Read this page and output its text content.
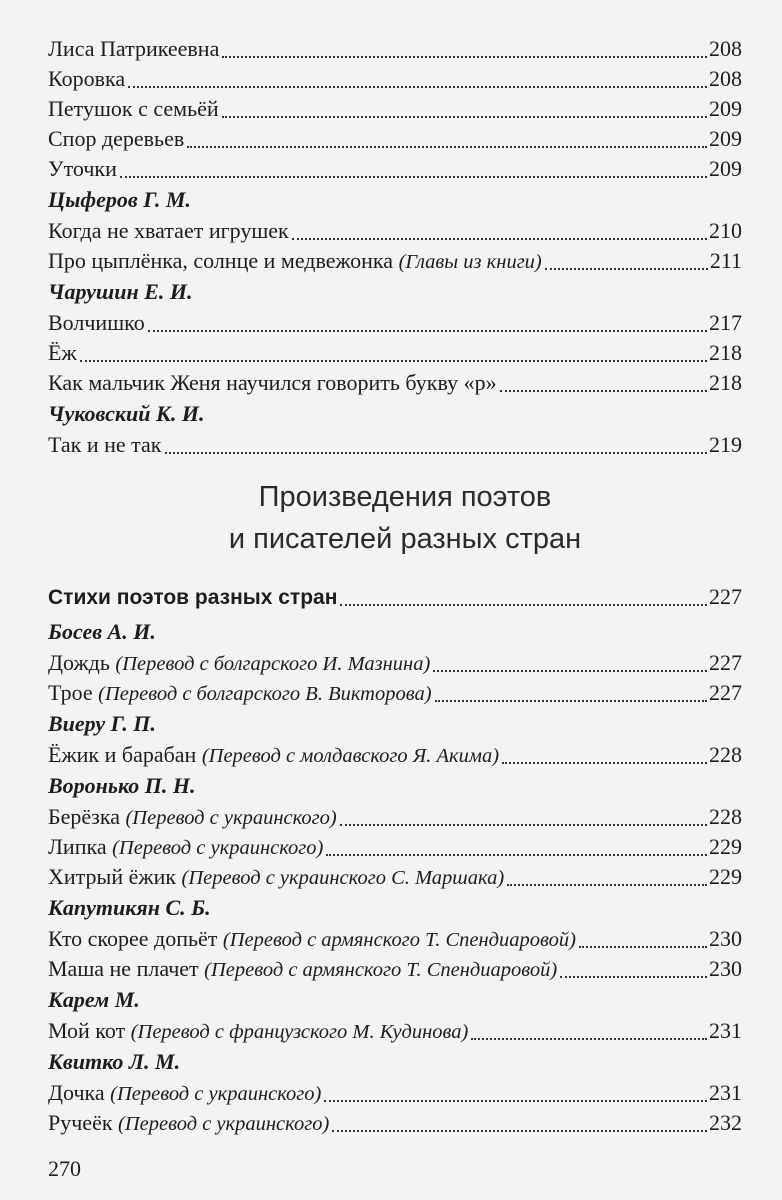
Лиса Патрикеевна	208
Коровка	208
Петушок с семьёй	209
Спор деревьев	209
Уточки	209
Цыферов Г. М.
Когда не хватает игрушек	210
Про цыплёнка, солнце и медвежонка (Главы из книги)	211
Чарушин Е. И.
Волчишко	217
Ёж	218
Как мальчик Женя научился говорить букву «р»	218
Чуковский К. И.
Так и не так	219
Произведения поэтов
и писателей разных стран
Стихи поэтов разных стран	227
Босев А. И.
Дождь (Перевод с болгарского И. Мазнина)	227
Трое (Перевод с болгарского В. Викторова)	227
Виеру Г. П.
Ёжик и барабан (Перевод с молдавского Я. Акима)	228
Воронько П. Н.
Берёзка (Перевод с украинского)	228
Липка (Перевод с украинского)	229
Хитрый ёжик (Перевод с украинского С. Маршака)	229
Капутикян С. Б.
Кто скорее допьёт (Перевод с армянского Т. Спендиаровой)	230
Маша не плачет (Перевод с армянского Т. Спендиаровой)	230
Карем М.
Мой кот (Перевод с французского М. Кудинова)	231
Квитко Л. М.
Дочка (Перевод с украинского)	231
Ручеёк (Перевод с украинского)	232
270
